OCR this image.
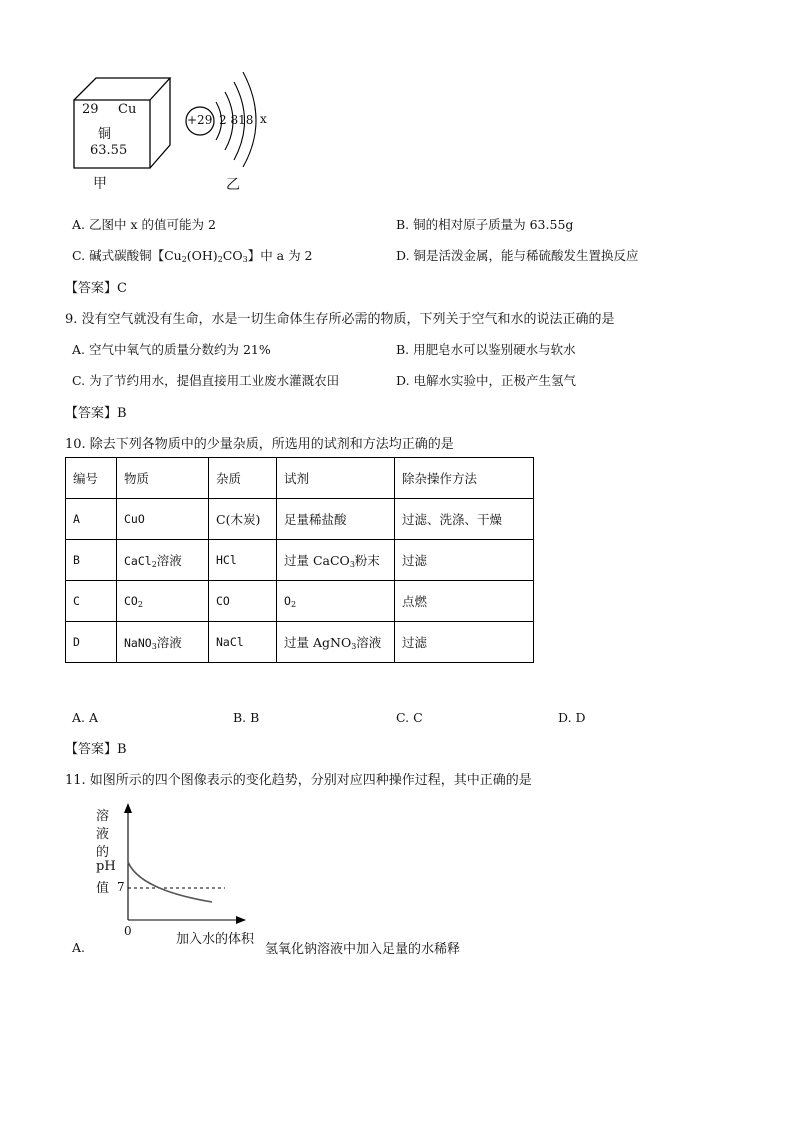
29 Cu
铜
63.55
甲
+29 2 818 x
乙
A. 乙图中 x 的值可能为 2	B. 铜的相对原子质量为 63.55g
C. 碱式碳酸铜【$Cu_2(OH)_2CO_3$】中 a 为 2	D. 铜是活泼金属，能与稀硫酸发生置换反应
【答案】C
9. 没有空气就没有生命，水是一切生命体生存所必需的物质，下列关于空气和水的说法正确的是
A. 空气中氧气的质量分数约为 21%	B. 用肥皂水可以鉴别硬水与软水
C. 为了节约用水，提倡直接用工业废水灌溉农田	D. 电解水实验中，正极产生氢气
【答案】B
10. 除去下列各物质中的少量杂质，所选用的试剂和方法均正确的是
编号	物质	杂质	试剂	除杂操作方法
A	CuO	C(木炭)	足量稀盐酸	过滤、洗涤、干燥
B	CaCl$_2$溶液	HCl	过量 CaCO$_3$粉末	过滤
C	$CO_2$	CO	$O_2$	点燃
D	NaNO$_3$溶液	NaCl	过量 AgNO$_3$溶液	过滤
A. A	B. B	C. C	D. D
【答案】B
11. 如图所示的四个图像表示的变化趋势，分别对应四种操作过程，其中正确的是
溶
液
的
pH
值 7
0
加入水的体积
A.	氢氧化钠溶液中加入足量的水稀释
